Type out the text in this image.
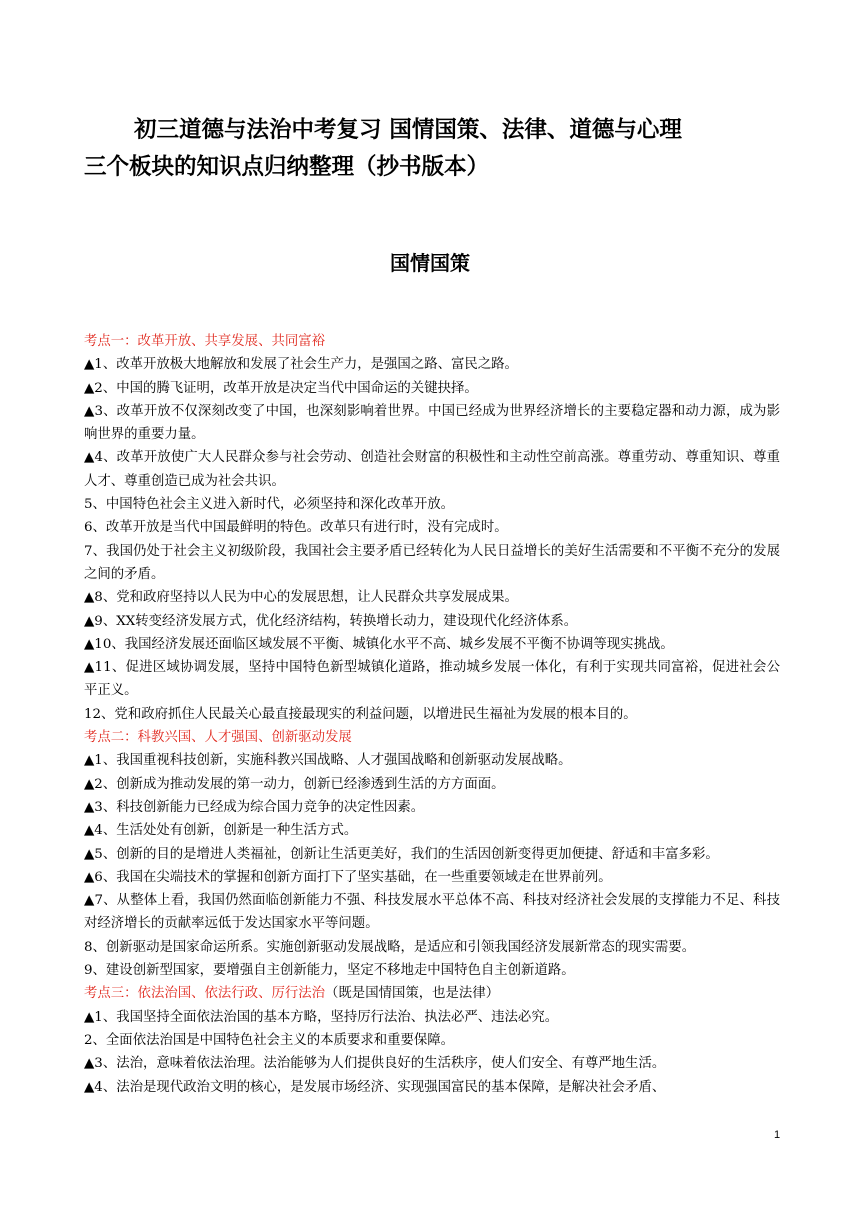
初三道德与法治中考复习 国情国策、法律、道德与心理
三个板块的知识点归纳整理（抄书版本）
国情国策

考点一：改革开放、共享发展、共同富裕

▲1、改革开放极大地解放和发展了社会生产力，是强国之路、富民之路。

▲2、中国的腾飞证明，改革开放是决定当代中国命运的关键抉择。

▲3、改革开放不仅深刻改变了中国，也深刻影响着世界。中国已经成为世界经济增长的主要稳定器和动力源，成为影响世界的重要力量。

▲4、改革开放使广大人民群众参与社会劳动、创造社会财富的积极性和主动性空前高涨。尊重劳动、尊重知识、尊重人才、尊重创造已成为社会共识。

5、中国特色社会主义进入新时代，必须坚持和深化改革开放。

6、改革开放是当代中国最鲜明的特色。改革只有进行时，没有完成时。

7、我国仍处于社会主义初级阶段，我国社会主要矛盾已经转化为人民日益增长的美好生活需要和不平衡不充分的发展之间的矛盾。

▲8、党和政府坚持以人民为中心的发展思想，让人民群众共享发展成果。

▲9、XX转变经济发展方式，优化经济结构，转换增长动力，建设现代化经济体系。

▲10、我国经济发展还面临区域发展不平衡、城镇化水平不高、城乡发展不平衡不协调等现实挑战。

▲11、促进区域协调发展，坚持中国特色新型城镇化道路，推动城乡发展一体化，有利于实现共同富裕，促进社会公平正义。

12、党和政府抓住人民最关心最直接最现实的利益问题，以增进民生福祉为发展的根本目的。

考点二：科教兴国、人才强国、创新驱动发展

▲1、我国重视科技创新，实施科教兴国战略、人才强国战略和创新驱动发展战略。

▲2、创新成为推动发展的第一动力，创新已经渗透到生活的方方面面。

▲3、科技创新能力已经成为综合国力竞争的决定性因素。

▲4、生活处处有创新，创新是一种生活方式。

▲5、创新的目的是增进人类福祉，创新让生活更美好，我们的生活因创新变得更加便捷、舒适和丰富多彩。

▲6、我国在尖端技术的掌握和创新方面打下了坚实基础，在一些重要领域走在世界前列。

▲7、从整体上看，我国仍然面临创新能力不强、科技发展水平总体不高、科技对经济社会发展的支撑能力不足、科技对经济增长的贡献率远低于发达国家水平等问题。

8、创新驱动是国家命运所系。实施创新驱动发展战略，是适应和引领我国经济发展新常态的现实需要。

9、建设创新型国家，要增强自主创新能力，坚定不移地走中国特色自主创新道路。

考点三：依法治国、依法行政、厉行法治（既是国情国策，也是法律）

▲1、我国坚持全面依法治国的基本方略，坚持厉行法治、执法必严、违法必究。

2、全面依法治国是中国特色社会主义的本质要求和重要保障。

▲3、法治，意味着依法治理。法治能够为人们提供良好的生活秩序，使人们安全、有尊严地生活。

▲4、法治是现代政治文明的核心，是发展市场经济、实现强国富民的基本保障，是解决社会矛盾、

1
